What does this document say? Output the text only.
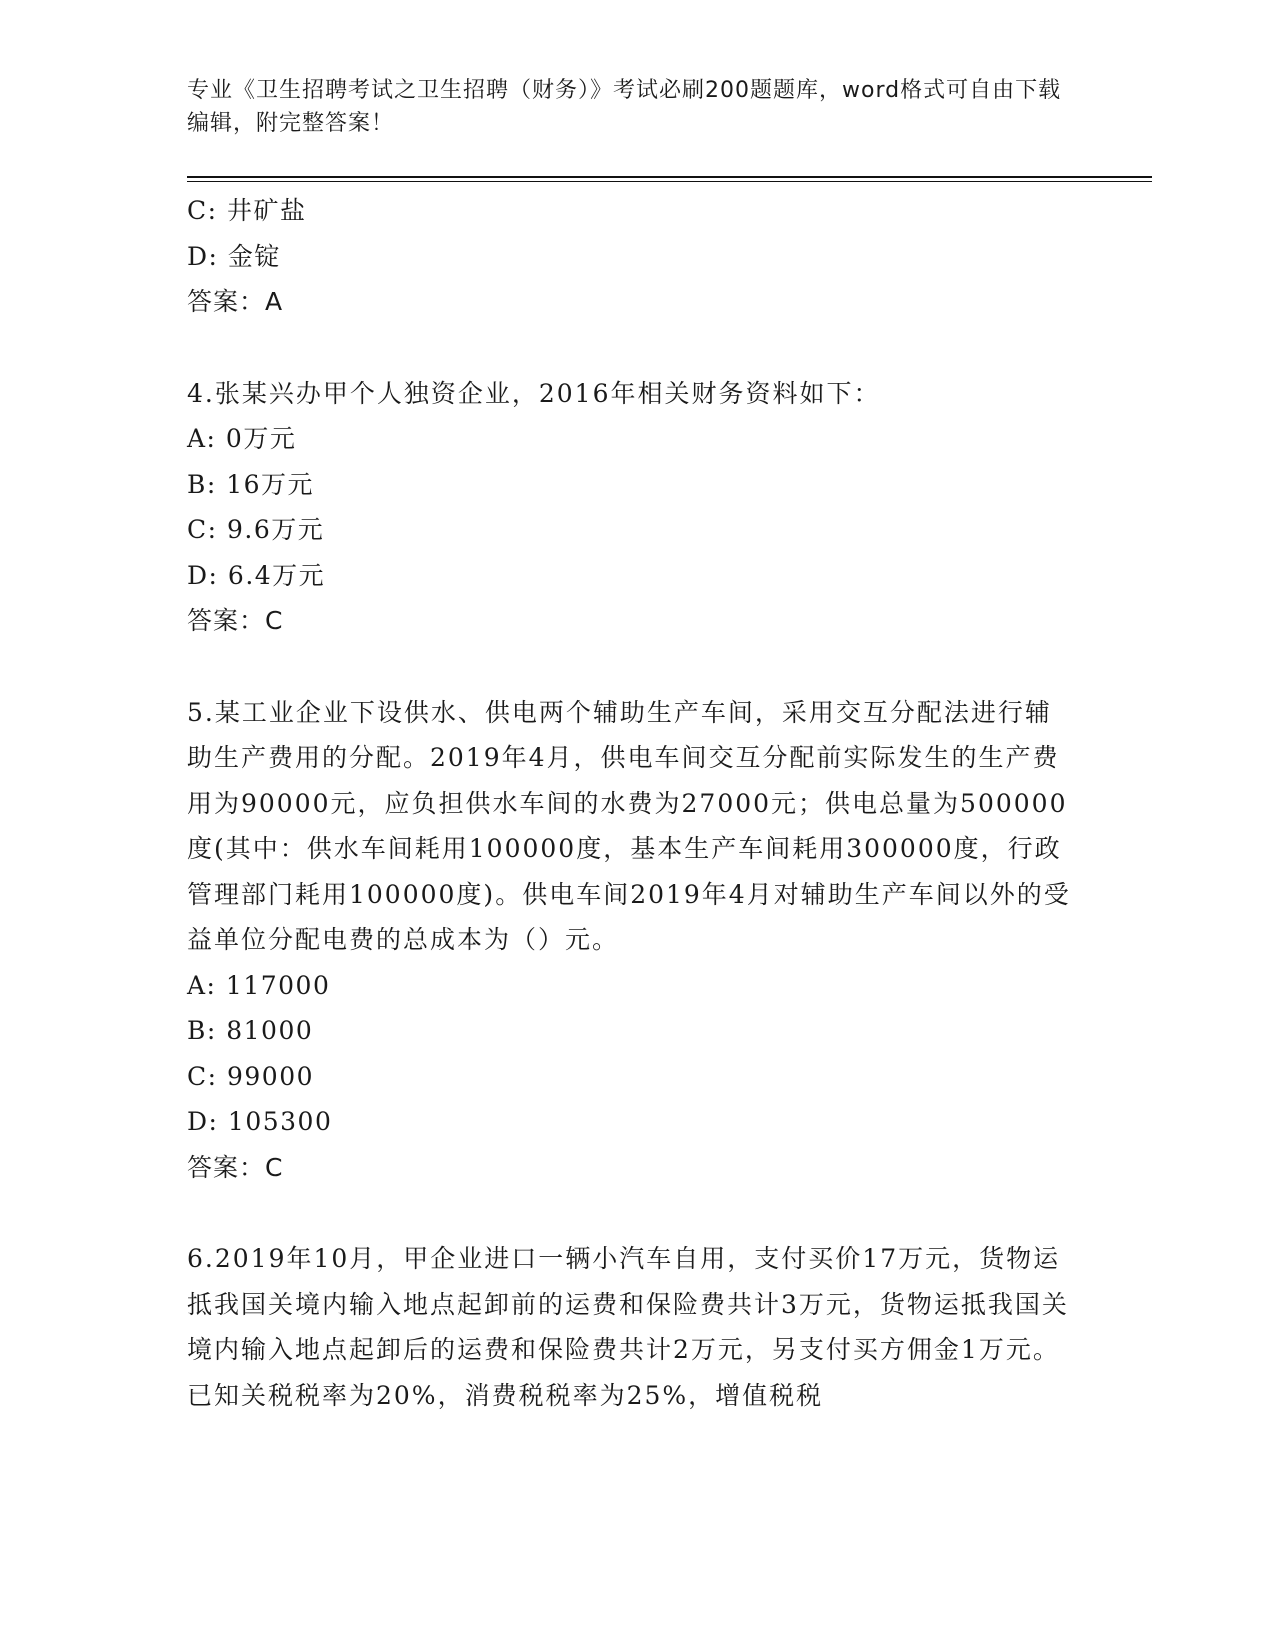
专业《卫生招聘考试之卫生招聘（财务）》考试必刷200题题库，word格式可自由下载编辑，附完整答案！
C: 井矿盐
D: 金锭
答案：A
4.张某兴办甲个人独资企业，2016年相关财务资料如下：
A: 0万元
B: 16万元
C: 9.6万元
D: 6.4万元
答案：C
5.某工业企业下设供水、供电两个辅助生产车间，采用交互分配法进行辅助生产费用的分配。2019年4月，供电车间交互分配前实际发生的生产费用为90000元，应负担供水车间的水费为27000元；供电总量为500000度(其中：供水车间耗用100000度，基本生产车间耗用300000度，行政管理部门耗用100000度)。供电车间2019年4月对辅助生产车间以外的受益单位分配电费的总成本为（）元。
A: 117000
B: 81000
C: 99000
D: 105300
答案：C
6.2019年10月，甲企业进口一辆小汽车自用，支付买价17万元，货物运抵我国关境内输入地点起卸前的运费和保险费共计3万元，货物运抵我国关境内输入地点起卸后的运费和保险费共计2万元，另支付买方佣金1万元。已知关税税率为20%，消费税税率为25%，增值税税
